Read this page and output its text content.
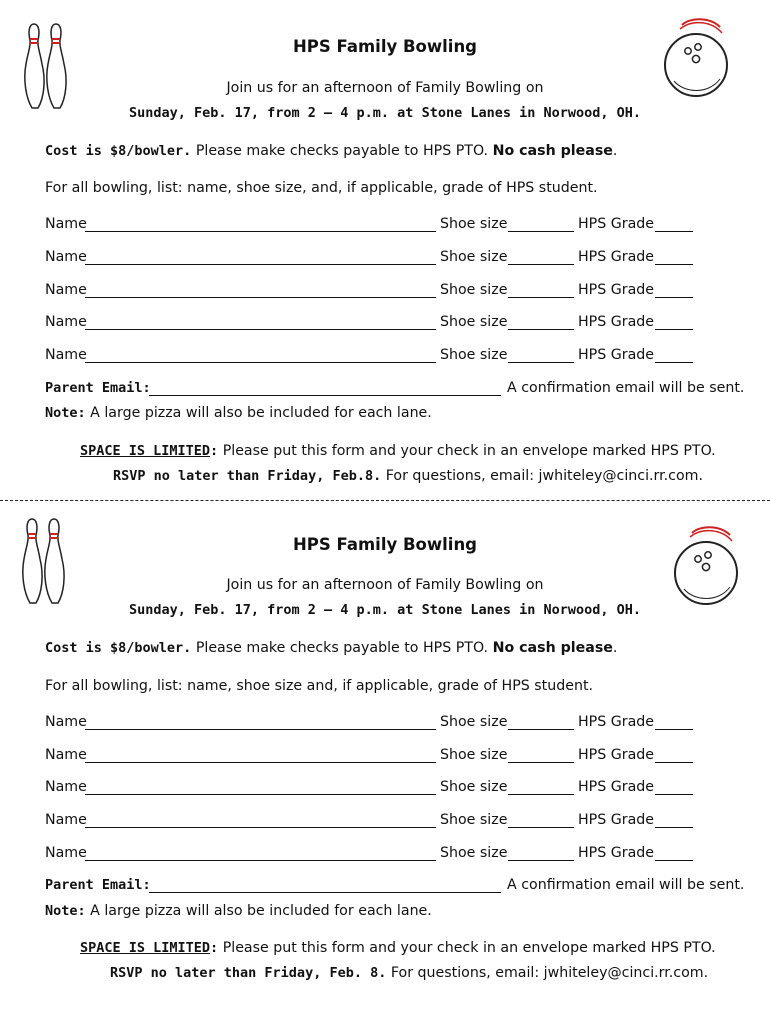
HPS Family Bowling
Join us for an afternoon of Family Bowling on
Sunday, Feb. 17, from 2 – 4 p.m. at Stone Lanes in Norwood, OH.
Cost is $8/bowler. Please make checks payable to HPS PTO. No cash please.
For all bowling, list: name, shoe size, and, if applicable, grade of HPS student.
Name	Shoe size	HPS Grade
Name	Shoe size	HPS Grade
Name	Shoe size	HPS Grade
Name	Shoe size	HPS Grade
Name	Shoe size	HPS Grade
Parent Email:	A confirmation email will be sent.
Note: A large pizza will also be included for each lane.
SPACE IS LIMITED: Please put this form and your check in an envelope marked HPS PTO.
RSVP no later than Friday, Feb.8. For questions, email: jwhiteley@cinci.rr.com.
HPS Family Bowling
Join us for an afternoon of Family Bowling on
Sunday, Feb. 17, from 2 – 4 p.m. at Stone Lanes in Norwood, OH.
Cost is $8/bowler. Please make checks payable to HPS PTO. No cash please.
For all bowling, list: name, shoe size and, if applicable, grade of HPS student.
Name	Shoe size	HPS Grade
Name	Shoe size	HPS Grade
Name	Shoe size	HPS Grade
Name	Shoe size	HPS Grade
Name	Shoe size	HPS Grade
Parent Email:	A confirmation email will be sent.
Note: A large pizza will also be included for each lane.
SPACE IS LIMITED: Please put this form and your check in an envelope marked HPS PTO.
RSVP no later than Friday, Feb. 8. For questions, email: jwhiteley@cinci.rr.com.
